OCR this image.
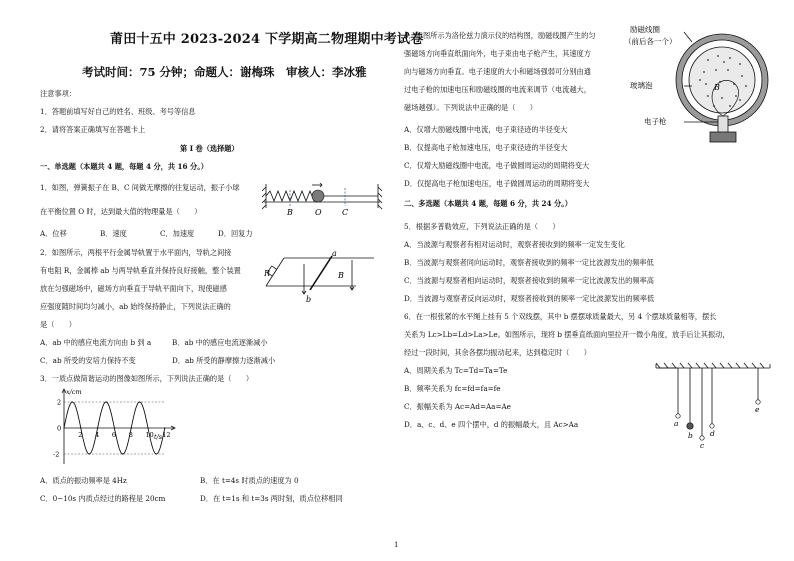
莆田十五中 2023-2024 下学期高二物理期中考试卷
考试时间：75 分钟；命题人：谢梅珠　审核人：李冰雅
注意事项：
1．答题前填写好自己的姓名、班级、考号等信息
2．请将答案正确填写在答题卡上
第 I 卷（选择题）
一、单选题（本题共 4 题，每题 4 分，共 16 分。）
1．如图，弹簧振子在 B、C 间做无摩擦的往复运动，振子小球
在平衡位置 O 时，达到最大值的物理量是（　　）
A．位移	B．速度	C．加速度	D．回复力
B	O	C
2．如图所示，两根平行金属导轨置于水平面内，导轨之间接
有电阻 R，金属棒 ab 与两导轨垂直并保持良好接触，整个装置
放在匀强磁场中，磁场方向垂直于导轨平面向下，现使磁感
应强度随时间均匀减小，ab 始终保持静止，下列说法正确的
是（　　）
A．ab 中的感应电流方向由 b 到 a	B．ab 中的感应电流逐渐减小
C．ab 所受的安培力保持不变	D．ab 所受的静摩擦力逐渐减小
R
a
b
B
3．一质点做简谐运动的图像如图所示，下列说法正确的是（　　）
2 4 6 8 10 12
2
0
-2
x/cm
t/s
A．质点的振动频率是 4Hz	B．在 t=4s 时质点的速度为 0
C．0~10s 内质点经过的路程是 20cm	D．在 t=1s 和 t=3s 两时刻，质点位移相同
4．如图所示为洛伦兹力演示仪的结构图，励磁线圈产生的匀
强磁场方向垂直纸面向外，电子束由电子枪产生，其速度方
向与磁场方向垂直。电子速度的大小和磁场强弱可分别由通
过电子枪的加速电压和励磁线圈的电流来调节（电流越大，
磁场越强）。下列说法中正确的是（　　）
A．仅增大励磁线圈中电流，电子束径迹的半径变大
B．仅提高电子枪加速电压，电子束径迹的半径变大
C．仅增大励磁线圈中电流，电子做圆周运动的周期将变大
D．仅提高电子枪加速电压，电子做圆周运动的周期将变大
B
励磁线圈
（前后各一个）
玻璃泡
电子枪
二、多选题（本题共 4 题，每题 6 分，共 24 分。）
5．根据多普勒效应，下列说法正确的是（　　）
A．当波源与观察者有相对运动时，观察者接收到的频率一定发生变化
B．当波源与观察者同向运动时，观察者接收到的频率一定比波源发出的频率低
C．当波源与观察者相向运动时，观察者接收到的频率一定比波源发出的频率高
D．当波源与观察者反向运动时，观察者接收到的频率一定比波源发出的频率低
6．在一根张紧的水平绳上挂有 5 个双线摆，其中 b 摆摆球质量最大，另 4 个摆球质量相等，摆长
关系为 Lc>Lb=Ld>La>Le。如图所示，现将 b 摆垂直纸面向里拉开一微小角度，放手后让其振动，
经过一段时间，其余各摆均振动起来，达到稳定时（　　）
A．周期关系为 Tc=Td=Ta=Te
B．频率关系为 fc=fd=fa=fe
C．振幅关系为 Ac=Ad=Aa=Ae
D．a、c、d、e 四个摆中，d 的振幅最大，且 Ac>Aa	a
b
c
d
e
1
